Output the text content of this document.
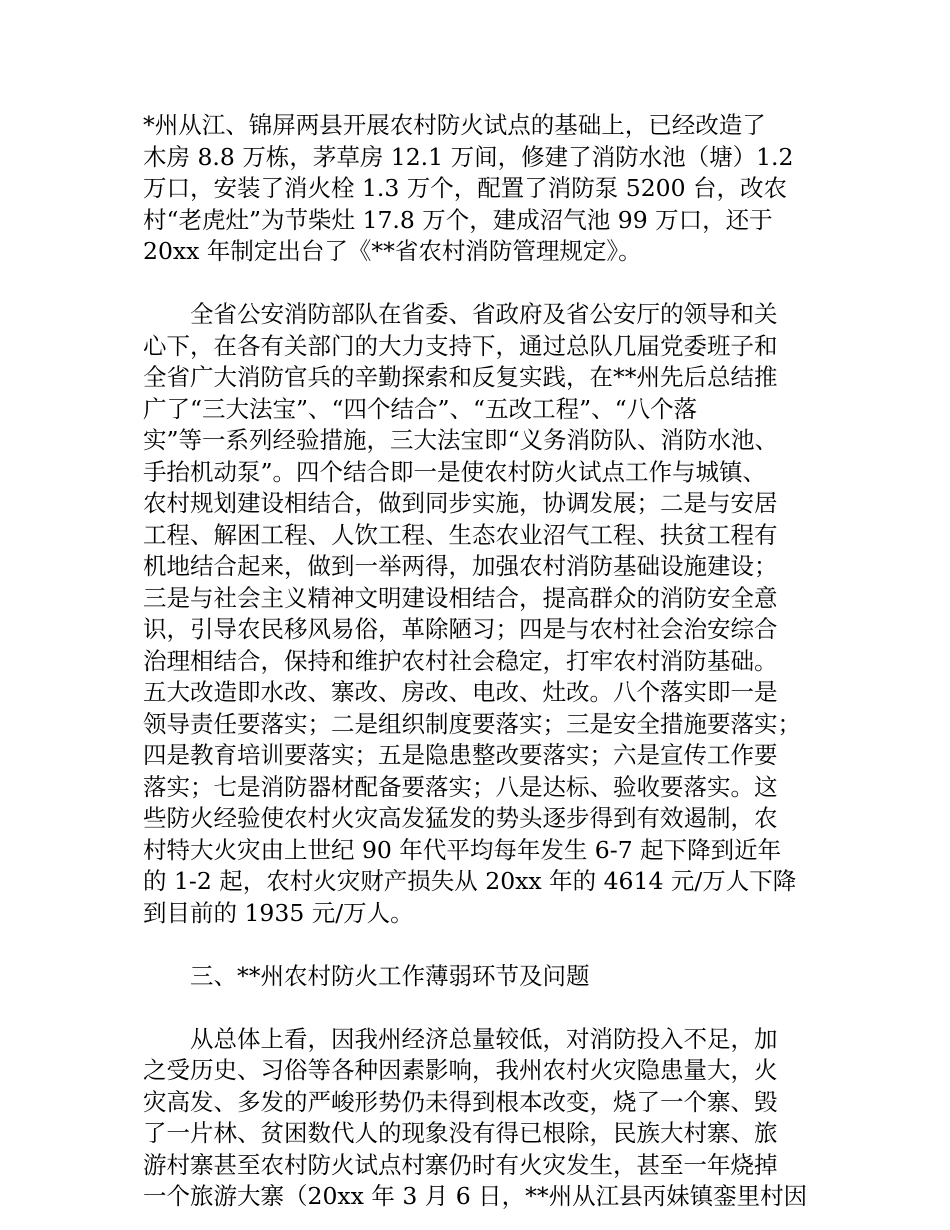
*州从江、锦屏两县开展农村防火试点的基础上，已经改造了
木房 8.8 万栋，茅草房 12.1 万间，修建了消防水池（塘）1.2
万口，安装了消火栓 1.3 万个，配置了消防泵 5200 台，改农
村“老虎灶”为节柴灶 17.8 万个，建成沼气池 99 万口，还于
20xx 年制定出台了《**省农村消防管理规定》。
　　全省公安消防部队在省委、省政府及省公安厅的领导和关
心下，在各有关部门的大力支持下，通过总队几届党委班子和
全省广大消防官兵的辛勤探索和反复实践，在**州先后总结推
广了“三大法宝”、“四个结合”、“五改工程”、“八个落
实”等一系列经验措施，三大法宝即“义务消防队、消防水池、
手抬机动泵”。四个结合即一是使农村防火试点工作与城镇、
农村规划建设相结合，做到同步实施，协调发展；二是与安居
工程、解困工程、人饮工程、生态农业沼气工程、扶贫工程有
机地结合起来，做到一举两得，加强农村消防基础设施建设；
三是与社会主义精神文明建设相结合，提高群众的消防安全意
识，引导农民移风易俗，革除陋习；四是与农村社会治安综合
治理相结合，保持和维护农村社会稳定，打牢农村消防基础。
五大改造即水改、寨改、房改、电改、灶改。八个落实即一是
领导责任要落实；二是组织制度要落实；三是安全措施要落实；
四是教育培训要落实；五是隐患整改要落实；六是宣传工作要
落实；七是消防器材配备要落实；八是达标、验收要落实。这
些防火经验使农村火灾高发猛发的势头逐步得到有效遏制，农
村特大火灾由上世纪 90 年代平均每年发生 6-7 起下降到近年
的 1-2 起，农村火灾财产损失从 20xx 年的 4614 元/万人下降
到目前的 1935 元/万人。
　　三、**州农村防火工作薄弱环节及问题
　　从总体上看，因我州经济总量较低，对消防投入不足，加
之受历史、习俗等各种因素影响，我州农村火灾隐患量大，火
灾高发、多发的严峻形势仍未得到根本改变，烧了一个寨、毁
了一片林、贫困数代人的现象没有得已根除，民族大村寨、旅
游村寨甚至农村防火试点村寨仍时有火灾发生，甚至一年烧掉
一个旅游大寨（20xx 年 3 月 6 日，**州从江县丙妹镇銮里村因
